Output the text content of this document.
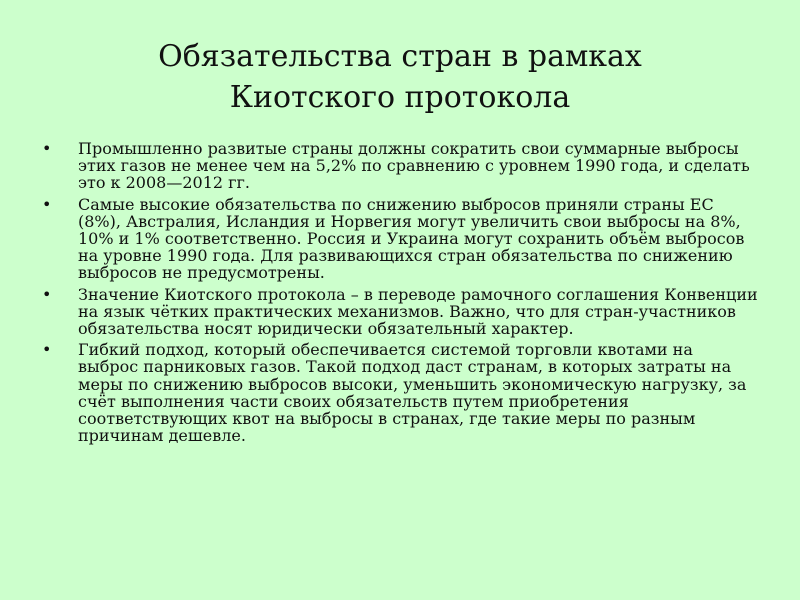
Обязательства стран в рамках
Киотского протокола
• Промышленно развитые страны должны сократить свои суммарные выбросы этих газов не менее чем на 5,2% по сравнению с уровнем 1990 года, и сделать это к 2008—2012 гг.
• Самые высокие обязательства по снижению выбросов приняли страны ЕС (8%), Австралия, Исландия и Норвегия могут увеличить свои выбросы на 8%, 10% и 1% соответственно. Россия и Украина могут сохранить объём выбросов на уровне 1990 года. Для развивающихся стран обязательства по снижению выбросов не предусмотрены.
• Значение Киотского протокола – в переводе рамочного соглашения Конвенции на язык чётких практических механизмов. Важно, что для стран-участников обязательства носят юридически обязательный характер.
• Гибкий подход, который обеспечивается системой торговли квотами на выброс парниковых газов. Такой подход даст странам, в которых затраты на меры по снижению выбросов высоки, уменьшить экономическую нагрузку, за счёт выполнения части своих обязательств путем приобретения соответствующих квот на выбросы в странах, где такие меры по разным причинам дешевле.
